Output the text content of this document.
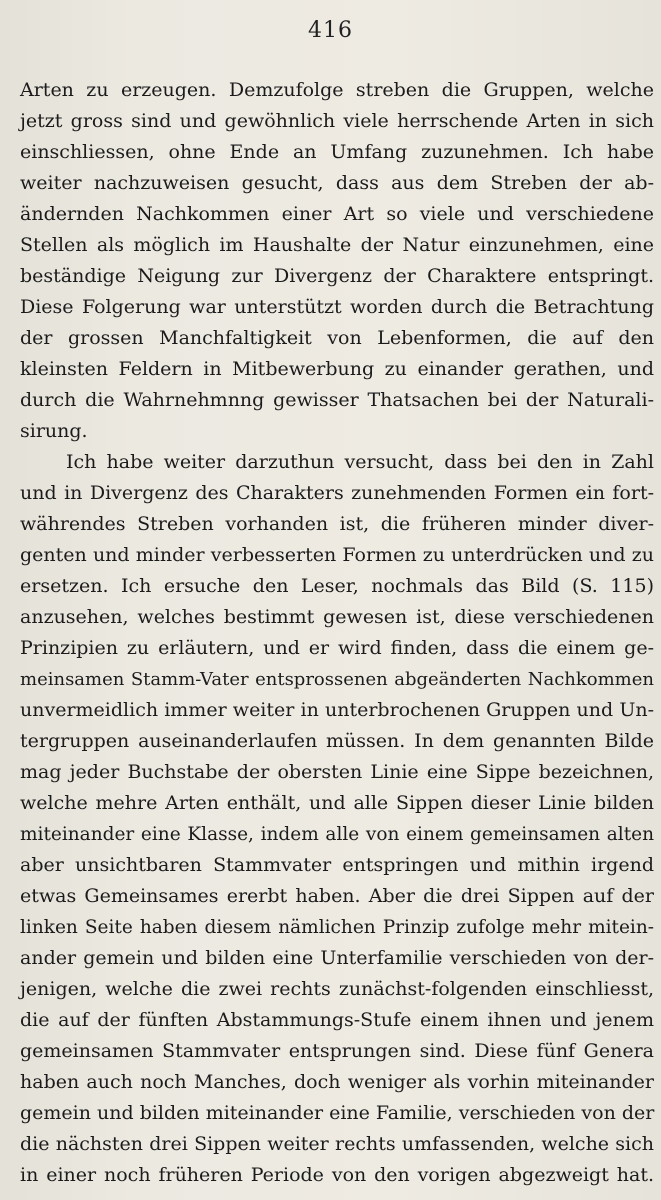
416
Arten zu erzeugen. Demzufolge streben die Gruppen, welche
jetzt gross sind und gewöhnlich viele herrschende Arten in sich
einschliessen, ohne Ende an Umfang zuzunehmen. Ich habe
weiter nachzuweisen gesucht, dass aus dem Streben der ab-
ändernden Nachkommen einer Art so viele und verschiedene
Stellen als möglich im Haushalte der Natur einzunehmen, eine
beständige Neigung zur Divergenz der Charaktere entspringt.
Diese Folgerung war unterstützt worden durch die Betrachtung
der grossen Manchfaltigkeit von Lebenformen, die auf den
kleinsten Feldern in Mitbewerbung zu einander gerathen, und
durch die Wahrnehmnng gewisser Thatsachen bei der Naturali-
sirung.
Ich habe weiter darzuthun versucht, dass bei den in Zahl
und in Divergenz des Charakters zunehmenden Formen ein fort-
währendes Streben vorhanden ist, die früheren minder diver-
genten und minder verbesserten Formen zu unterdrücken und zu
ersetzen. Ich ersuche den Leser, nochmals das Bild (S. 115)
anzusehen, welches bestimmt gewesen ist, diese verschiedenen
Prinzipien zu erläutern, und er wird finden, dass die einem ge-
meinsamen Stamm-Vater entsprossenen abgeänderten Nachkommen
unvermeidlich immer weiter in unterbrochenen Gruppen und Un-
tergruppen auseinanderlaufen müssen. In dem genannten Bilde
mag jeder Buchstabe der obersten Linie eine Sippe bezeichnen,
welche mehre Arten enthält, und alle Sippen dieser Linie bilden
miteinander eine Klasse, indem alle von einem gemeinsamen alten
aber unsichtbaren Stammvater entspringen und mithin irgend
etwas Gemeinsames ererbt haben. Aber die drei Sippen auf der
linken Seite haben diesem nämlichen Prinzip zufolge mehr mitein-
ander gemein und bilden eine Unterfamilie verschieden von der-
jenigen, welche die zwei rechts zunächst-folgenden einschliesst,
die auf der fünften Abstammungs-Stufe einem ihnen und jenem
gemeinsamen Stammvater entsprungen sind. Diese fünf Genera
haben auch noch Manches, doch weniger als vorhin miteinander
gemein und bilden miteinander eine Familie, verschieden von der
die nächsten drei Sippen weiter rechts umfassenden, welche sich
in einer noch früheren Periode von den vorigen abgezweigt hat.
